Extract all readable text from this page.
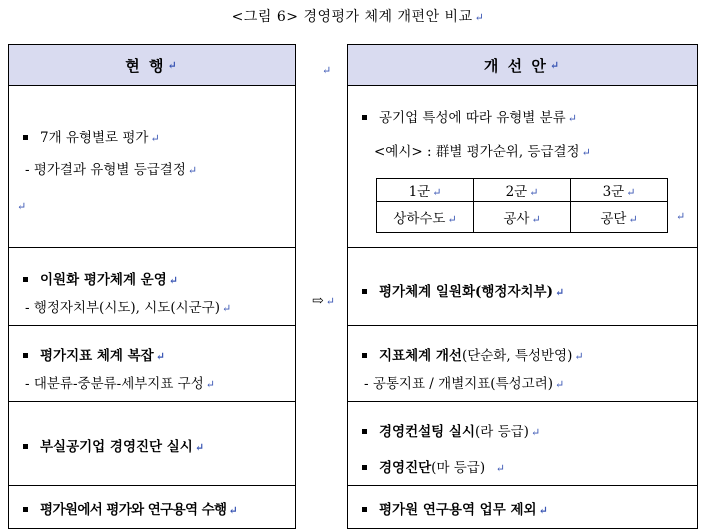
<그림 6> 경영평가 체계 개편안 비교 ↵
현 행 ↵
7개 유형별로 평가 ↵
- 평가결과 유형별 등급결정 ↵
↵
이원화 평가체계 운영 ↵
- 행정자치부(시도), 시도(시군구) ↵
평가지표 체계 복잡 ↵
- 대분류-중분류-세부지표 구성 ↵
부실공기업 경영진단 실시 ↵
평가원에서 평가와 연구용역 수행 ↵
↵
⇨ ↵
개 선 안 ↵
공기업 특성에 따라 유형별 분류 ↵
<예시> : 群별 평가순위, 등급결정 ↵
1군 ↵	2군 ↵	3군 ↵
상하수도 ↵	공사 ↵	공단 ↵	↵
평가체계 일원화(행정자치부) ↵
지표체계 개선(단순화, 특성반영) ↵
- 공통지표 / 개별지표(특성고려) ↵
경영컨설팅 실시(라 등급) ↵
경영진단(마 등급) ↵
평가원 연구용역 업무 제외 ↵
